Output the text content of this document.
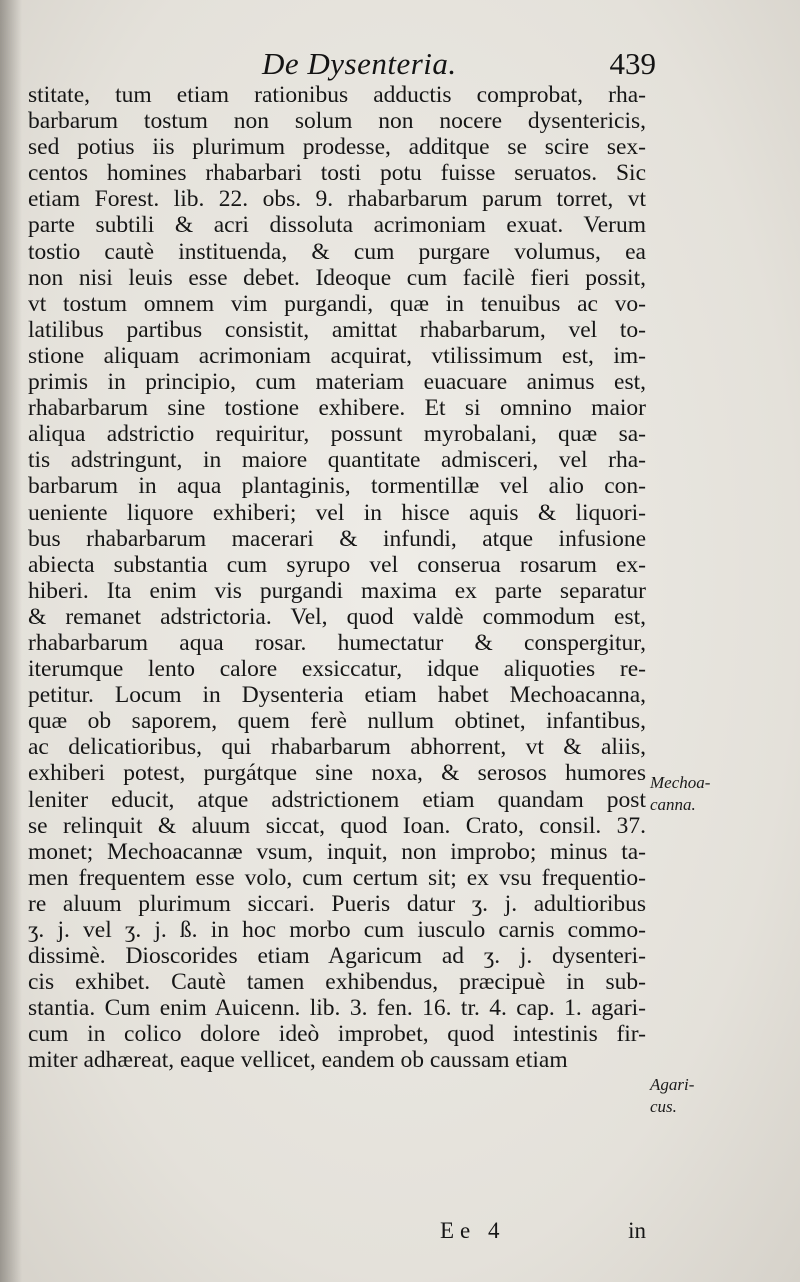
De Dysenteria.	439
stitate, tum etiam rationibus adductis comprobat, rha-
barbarum tostum non solum non nocere dysentericis,
sed potius iis plurimum prodesse, additque se scire sex-
centos homines rhabarbari tosti potu fuisse seruatos. Sic
etiam Forest. lib. 22. obs. 9. rhabarbarum parum torret, vt
parte subtili & acri dissoluta acrimoniam exuat. Verum
tostio cautè instituenda, & cum purgare volumus, ea
non nisi leuis esse debet. Ideoque cum facilè fieri possit,
vt tostum omnem vim purgandi, quæ in tenuibus ac vo-
latilibus partibus consistit, amittat rhabarbarum, vel to-
stione aliquam acrimoniam acquirat, vtilissimum est, im-
primis in principio, cum materiam euacuare animus est,
rhabarbarum sine tostione exhibere. Et si omnino maior
aliqua adstrictio requiritur, possunt myrobalani, quæ sa-
tis adstringunt, in maiore quantitate admisceri, vel rha-
barbarum in aqua plantaginis, tormentillæ vel alio con-
ueniente liquore exhiberi; vel in hisce aquis & liquori-
bus rhabarbarum macerari & infundi, atque infusione
abiecta substantia cum syrupo vel conserua rosarum ex-
hiberi. Ita enim vis purgandi maxima ex parte separatur
& remanet adstrictoria. Vel, quod valdè commodum est,
rhabarbarum aqua rosar. humectatur & conspergitur,
iterumque lento calore exsiccatur, idque aliquoties re-
petitur. Locum in Dysenteria etiam habet Mechoacanna,
quæ ob saporem, quem ferè nullum obtinet, infantibus,
ac delicatioribus, qui rhabarbarum abhorrent, vt & aliis,
exhiberi potest, purgátque sine noxa, & serosos humores
leniter educit, atque adstrictionem etiam quandam post
se relinquit & aluum siccat, quod Ioan. Crato, consil. 37.
monet; Mechoacannæ vsum, inquit, non improbo; minus ta-
men frequentem esse volo, cum certum sit; ex vsu frequentio-
re aluum plurimum siccari. Pueris datur ʒ. j. adultioribus
ʒ. j. vel ʒ. j. ß. in hoc morbo cum iusculo carnis commo-
dissimè. Dioscorides etiam Agaricum ad ʒ. j. dysenteri-
cis exhibet. Cautè tamen exhibendus, præcipuè in sub-
stantia. Cum enim Auicenn. lib. 3. fen. 16. tr. 4. cap. 1. agari-
cum in colico dolore ideò improbet, quod intestinis fir-
miter adhæreat, eaque vellicet, eandem ob caussam etiam
Mechoa-
canna.
Agari-
cus.
Ee 4	in
